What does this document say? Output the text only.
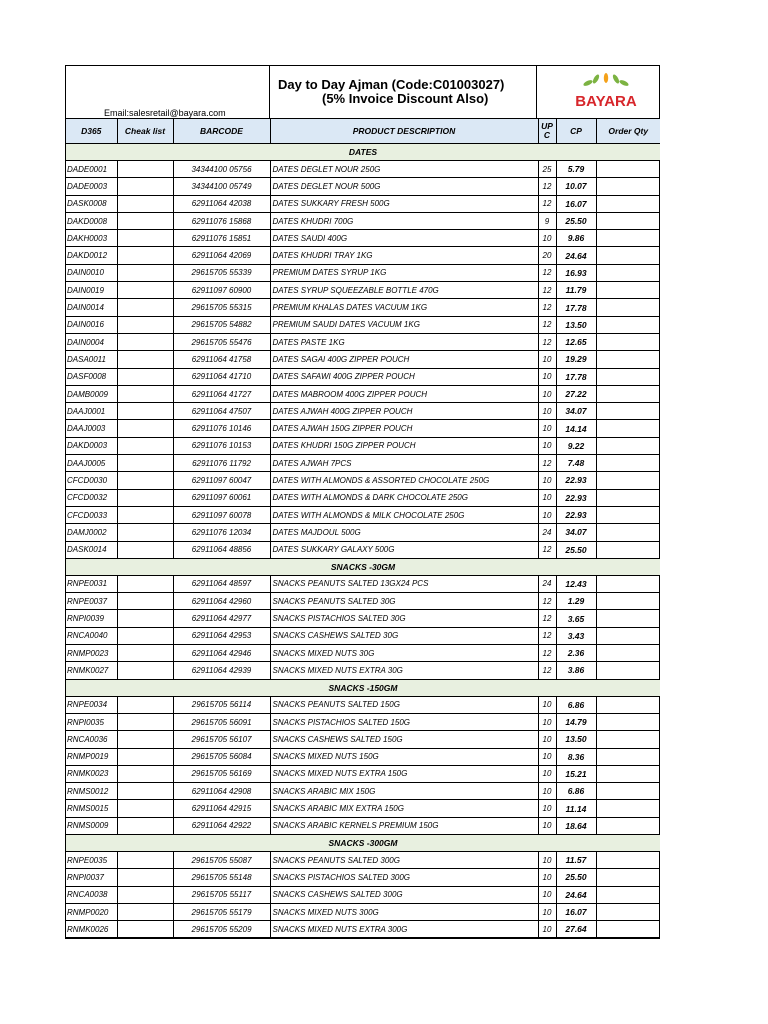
Email:salesretail@bayara.com
Day to Day Ajman (Code:C01003027)
(5% Invoice Discount Also)	BAYARA
D365	Cheak list	BARCODE	PRODUCT DESCRIPTION	UP C	CP	Order Qty
DATES						
DADE0001		34344100 05756	DATES DEGLET NOUR 250G	25	5.79	
DADE0003		34344100 05749	DATES DEGLET NOUR 500G	12	10.07	
DASK0008		62911064 42038	DATES SUKKARY FRESH 500G	12	16.07	
DAKD0008		62911076 15868	DATES KHUDRI 700G	9	25.50	
DAKH0003		62911076 15851	DATES SAUDI 400G	10	9.86	
DAKD0012		62911064 42069	DATES KHUDRI TRAY 1KG	20	24.64	
DAIN0010		29615705 55339	PREMIUM DATES SYRUP 1KG	12	16.93	
DAIN0019		62911097 60900	DATES SYRUP SQUEEZABLE BOTTLE 470G	12	11.79	
DAIN0014		29615705 55315	PREMIUM KHALAS DATES VACUUM 1KG	12	17.78	
DAIN0016		29615705 54882	PREMIUM SAUDI DATES VACUUM 1KG	12	13.50	
DAIN0004		29615705 55476	DATES PASTE 1KG	12	12.65	
DASA0011		62911064 41758	DATES SAGAI 400G ZIPPER POUCH	10	19.29	
DASF0008		62911064 41710	DATES SAFAWI 400G ZIPPER POUCH	10	17.78	
DAMB0009		62911064 41727	DATES MABROOM 400G ZIPPER POUCH	10	27.22	
DAAJ0001		62911064 47507	DATES AJWAH 400G ZIPPER POUCH	10	34.07	
DAAJ0003		62911076 10146	DATES AJWAH 150G ZIPPER POUCH	10	14.14	
DAKD0003		62911076 10153	DATES KHUDRI 150G ZIPPER POUCH	10	9.22	
DAAJ0005		62911076 11792	DATES AJWAH 7PCS	12	7.48	
CFCD0030		62911097 60047	DATES WITH ALMONDS & ASSORTED CHOCOLATE 250G	10	22.93	
CFCD0032		62911097 60061	DATES WITH ALMONDS & DARK CHOCOLATE 250G	10	22.93	
CFCD0033		62911097 60078	DATES WITH ALMONDS & MILK CHOCOLATE 250G	10	22.93	
DAMJ0002		62911076 12034	DATES MAJDOUL 500G	24	34.07	
DASK0014		62911064 48856	DATES SUKKARY GALAXY 500G	12	25.50	
SNACKS -30GM						
RNPE0031		62911064 48597	SNACKS PEANUTS SALTED 13GX24 PCS	24	12.43	
RNPE0037		62911064 42960	SNACKS PEANUTS SALTED 30G	12	1.29	
RNPI0039		62911064 42977	SNACKS PISTACHIOS SALTED 30G	12	3.65	
RNCA0040		62911064 42953	SNACKS CASHEWS SALTED 30G	12	3.43	
RNMP0023		62911064 42946	SNACKS MIXED NUTS 30G	12	2.36	
RNMK0027		62911064 42939	SNACKS MIXED NUTS EXTRA 30G	12	3.86	
SNACKS -150GM						
RNPE0034		29615705 56114	SNACKS PEANUTS SALTED 150G	10	6.86	
RNPI0035		29615705 56091	SNACKS PISTACHIOS SALTED 150G	10	14.79	
RNCA0036		29615705 56107	SNACKS CASHEWS SALTED 150G	10	13.50	
RNMP0019		29615705 56084	SNACKS MIXED NUTS 150G	10	8.36	
RNMK0023		29615705 56169	SNACKS MIXED NUTS EXTRA 150G	10	15.21	
RNMS0012		62911064 42908	SNACKS ARABIC MIX 150G	10	6.86	
RNMS0015		62911064 42915	SNACKS ARABIC MIX EXTRA 150G	10	11.14	
RNMS0009		62911064 42922	SNACKS ARABIC KERNELS PREMIUM 150G	10	18.64	
SNACKS -300GM						
RNPE0035		29615705 55087	SNACKS PEANUTS SALTED 300G	10	11.57	
RNPI0037		29615705 55148	SNACKS PISTACHIOS SALTED 300G	10	25.50	
RNCA0038		29615705 55117	SNACKS CASHEWS SALTED 300G	10	24.64	
RNMP0020		29615705 55179	SNACKS MIXED NUTS 300G	10	16.07	
RNMK0026		29615705 55209	SNACKS MIXED NUTS EXTRA 300G	10	27.64	
